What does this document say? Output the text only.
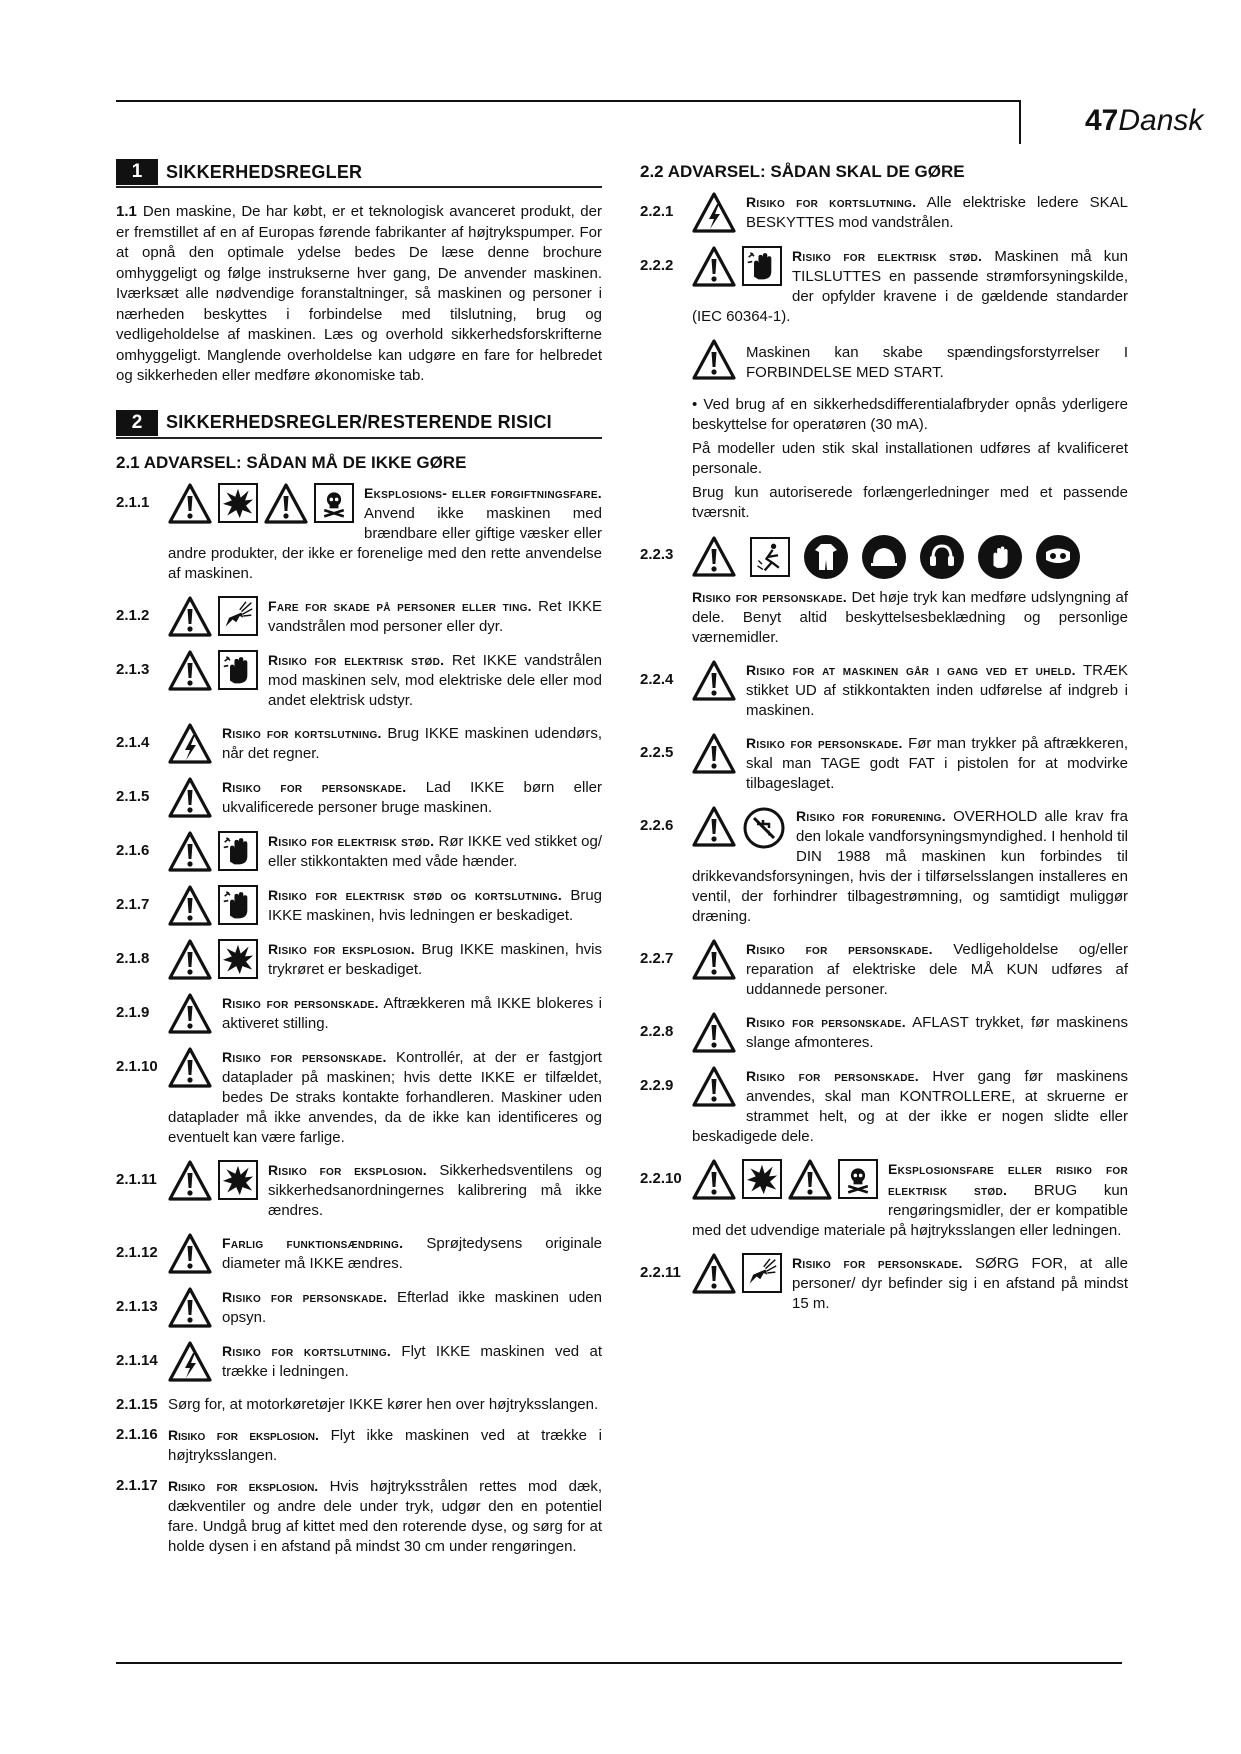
47Dansk
1	SIKKERHEDSREGLER
1.1 Den maskine, De har købt, er et teknologisk avanceret produkt, der er fremstillet af en af Europas førende fabrikanter af højtrykspumper. For at opnå den optimale ydelse bedes De læse denne brochure omhyggeligt og følge instrukserne hver gang, De anvender maskinen. Iværksæt alle nødvendige foranstaltninger, så maskinen og personer i nærheden beskyttes i forbindelse med tilslutning, brug og vedligeholdelse af maskinen. Læs og overhold sikkerhedsforskrifterne omhyggeligt. Manglende overholdelse kan udgøre en fare for helbredet og sikkerheden eller medføre økonomiske tab.
2	SIKKERHEDSREGLER/RESTERENDE RISICI
2.1 ADVARSEL: SÅDAN MÅ DE IKKE GØRE
2.1.1
Eksplosions- eller forgiftningsfare. Anvend ikke maskinen med brændbare eller giftige væsker eller andre produkter, der ikke er forenelige med den rette anvendelse af maskinen.
2.1.2
Fare for skade på personer eller ting. Ret IKKE vandstrålen mod personer eller dyr.
2.1.3
Risiko for elektrisk stød. Ret IKKE vandstrålen mod maskinen selv, mod elektriske dele eller mod andet elektrisk udstyr.
2.1.4
Risiko for kortslutning. Brug IKKE maskinen udendørs, når det regner.
2.1.5
Risiko for personskade. Lad IKKE børn eller ukvalificerede personer bruge maskinen.
2.1.6
Risiko for elektrisk stød. Rør IKKE ved stikket og/ eller stikkontakten med våde hænder.
2.1.7
Risiko for elektrisk stød og kortslutning. Brug IKKE maskinen, hvis ledningen er beskadiget.
2.1.8
Risiko for eksplosion. Brug IKKE maskinen, hvis trykrøret er beskadiget.
2.1.9
Risiko for personskade. Aftrækkeren må IKKE blokeres i aktiveret stilling.
2.1.10
Risiko for personskade. Kontrollér, at der er fastgjort dataplader på maskinen; hvis dette IKKE er tilfældet, bedes De straks kontakte forhandleren. Maskiner uden dataplader må ikke anvendes, da de ikke kan identificeres og eventuelt kan være farlige.
2.1.11
Risiko for eksplosion. Sikkerhedsventilens og sikkerhedsanordningernes kalibrering må ikke ændres.
2.1.12
Farlig funktionsændring. Sprøjtedysens originale diameter må IKKE ændres.
2.1.13
Risiko for personskade. Efterlad ikke maskinen uden opsyn.
2.1.14
Risiko for kortslutning. Flyt IKKE maskinen ved at trække i ledningen.
2.1.15 Sørg for, at motorkøretøjer IKKE kører hen over højtryksslangen.
2.1.16 Risiko for eksplosion. Flyt ikke maskinen ved at trække i højtryksslangen.
2.1.17 Risiko for eksplosion. Hvis højtryksstrålen rettes mod dæk, dækventiler og andre dele under tryk, udgør den en potentiel fare. Undgå brug af kittet med den roterende dyse, og sørg for at holde dysen i en afstand på mindst 30 cm under rengøringen.
2.2 ADVARSEL: SÅDAN SKAL DE GØRE
2.2.1
Risiko for kortslutning. Alle elektriske ledere SKAL BESKYTTES mod vandstrålen.
2.2.2
Risiko for elektrisk stød. Maskinen må kun TILSLUTTES en passende strømforsyningskilde, der opfylder kravene i de gældende standarder (IEC 60364-1).
Maskinen kan skabe spændingsforstyrrelser I FORBINDELSE MED START.
• Ved brug af en sikkerhedsdifferentialafbryder opnås yderligere beskyttelse for operatøren (30 mA).
På modeller uden stik skal installationen udføres af kvalificeret personale.
Brug kun autoriserede forlængerledninger med et passende tværsnit.
2.2.3
Risiko for personskade. Det høje tryk kan medføre udslyngning af dele. Benyt altid beskyttelsesbeklædning og personlige værnemidler.
2.2.4
Risiko for at maskinen går i gang ved et uheld. TRÆK stikket UD af stikkontakten inden udførelse af indgreb i maskinen.
2.2.5
Risiko for personskade. Før man trykker på aftrækkeren, skal man TAGE godt FAT i pistolen for at modvirke tilbageslaget.
2.2.6
Risiko for forurening. OVERHOLD alle krav fra den lokale vandforsyningsmyndighed. I henhold til DIN 1988 må maskinen kun forbindes til drikkevandsforsyningen, hvis der i tilførselsslangen installeres en ventil, der forhindrer tilbagestrømning, og samtidigt muliggør dræning.
2.2.7
Risiko for personskade. Vedligeholdelse og/eller reparation af elektriske dele MÅ KUN udføres af uddannede personer.
2.2.8
Risiko for personskade. AFLAST trykket, før maskinens slange afmonteres.
2.2.9
Risiko for personskade. Hver gang før maskinens anvendes, skal man KONTROLLERE, at skruerne er strammet helt, og at der ikke er nogen slidte eller beskadigede dele.
2.2.10
Eksplosionsfare eller risiko for elektrisk stød. BRUG kun rengøringsmidler, der er kompatible med det udvendige materiale på højtryksslangen eller ledningen.
2.2.11
Risiko for personskade. SØRG FOR, at alle personer/ dyr befinder sig i en afstand på mindst 15 m.
